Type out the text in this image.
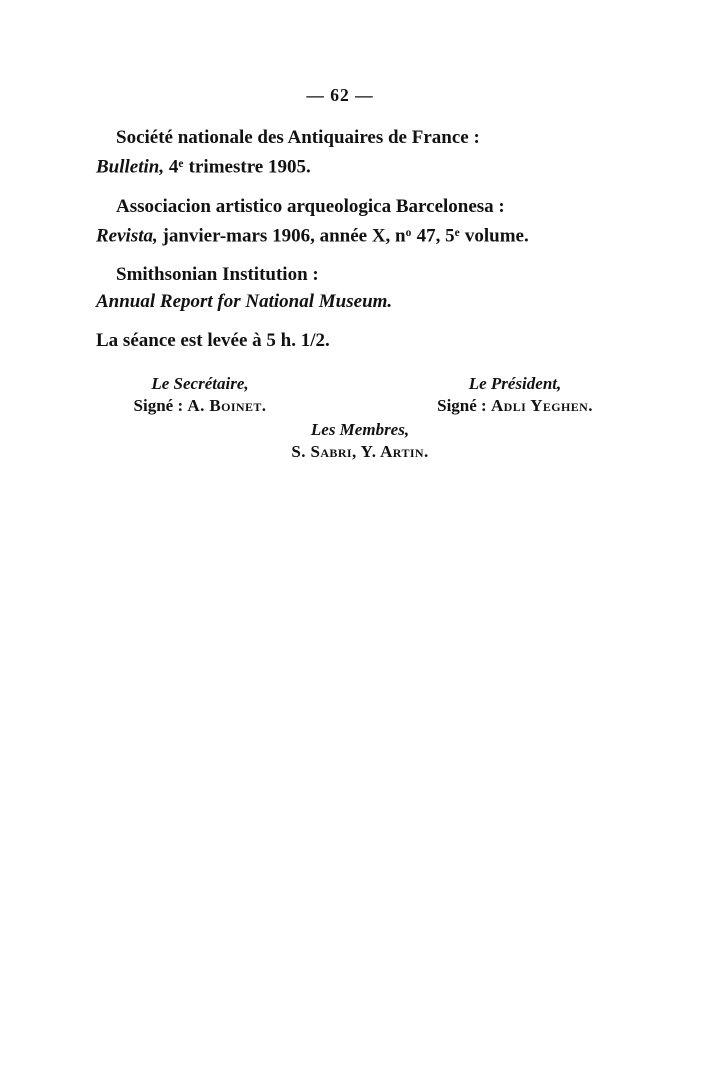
— 62 —

Société nationale des Antiquaires de France :

Bulletin, 4e trimestre 1905.

Associacion artistico arqueologica Barcelonesa :

Revista, janvier-mars 1906, année X, $n^o$ 47, 5e volume.

Smithsonian Institution :

Annual Report for National Museum.

La séance est levée à 5 h. 1/2.

Le Secrétaire,
Signé : A. Boinet.
Le Président,
Signé : Adli Yeghen.
Les Membres,
S. Sabri, Y. Artin.
